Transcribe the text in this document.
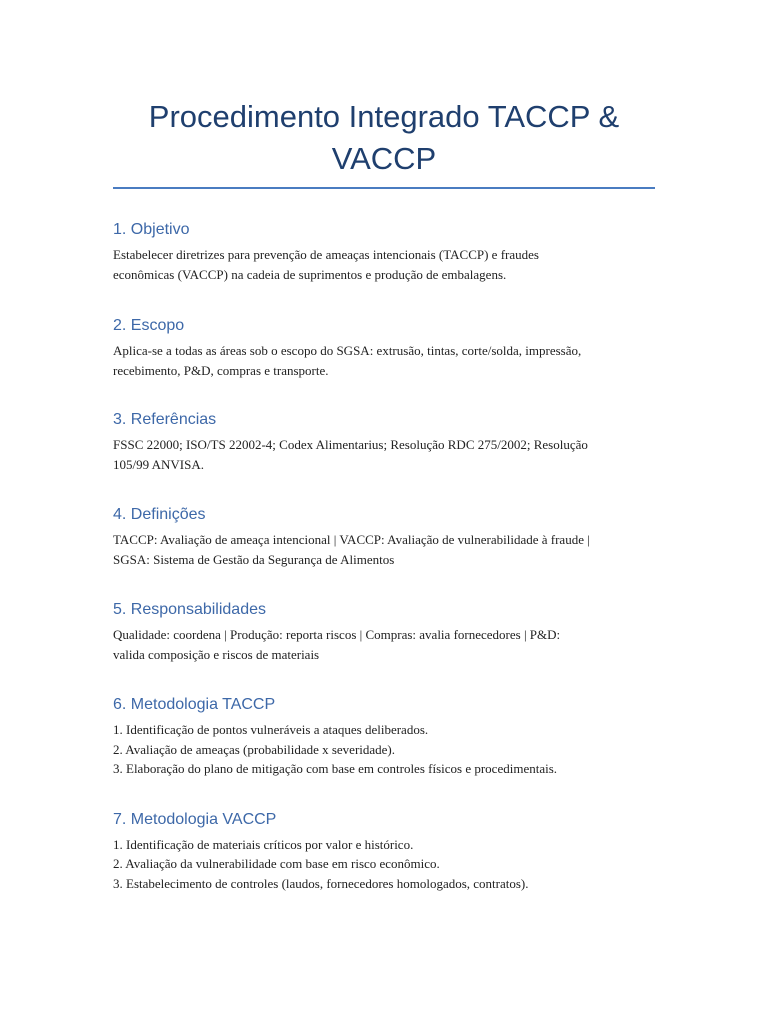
Procedimento Integrado TACCP &
VACCP
1. Objetivo

Estabelecer diretrizes para prevenção de ameaças intencionais (TACCP) e fraudes
econômicas (VACCP) na cadeia de suprimentos e produção de embalagens.

2. Escopo

Aplica-se a todas as áreas sob o escopo do SGSA: extrusão, tintas, corte/solda, impressão,
recebimento, P&D, compras e transporte.

3. Referências

FSSC 22000; ISO/TS 22002-4; Codex Alimentarius; Resolução RDC 275/2002; Resolução
105/99 ANVISA.

4. Definições

TACCP: Avaliação de ameaça intencional | VACCP: Avaliação de vulnerabilidade à fraude |
SGSA: Sistema de Gestão da Segurança de Alimentos

5. Responsabilidades

Qualidade: coordena | Produção: reporta riscos | Compras: avalia fornecedores | P&D:
valida composição e riscos de materiais

6. Metodologia TACCP

1. Identificação de pontos vulneráveis a ataques deliberados.
2. Avaliação de ameaças (probabilidade x severidade).
3. Elaboração do plano de mitigação com base em controles físicos e procedimentais.

7. Metodologia VACCP

1. Identificação de materiais críticos por valor e histórico.
2. Avaliação da vulnerabilidade com base em risco econômico.
3. Estabelecimento de controles (laudos, fornecedores homologados, contratos).
